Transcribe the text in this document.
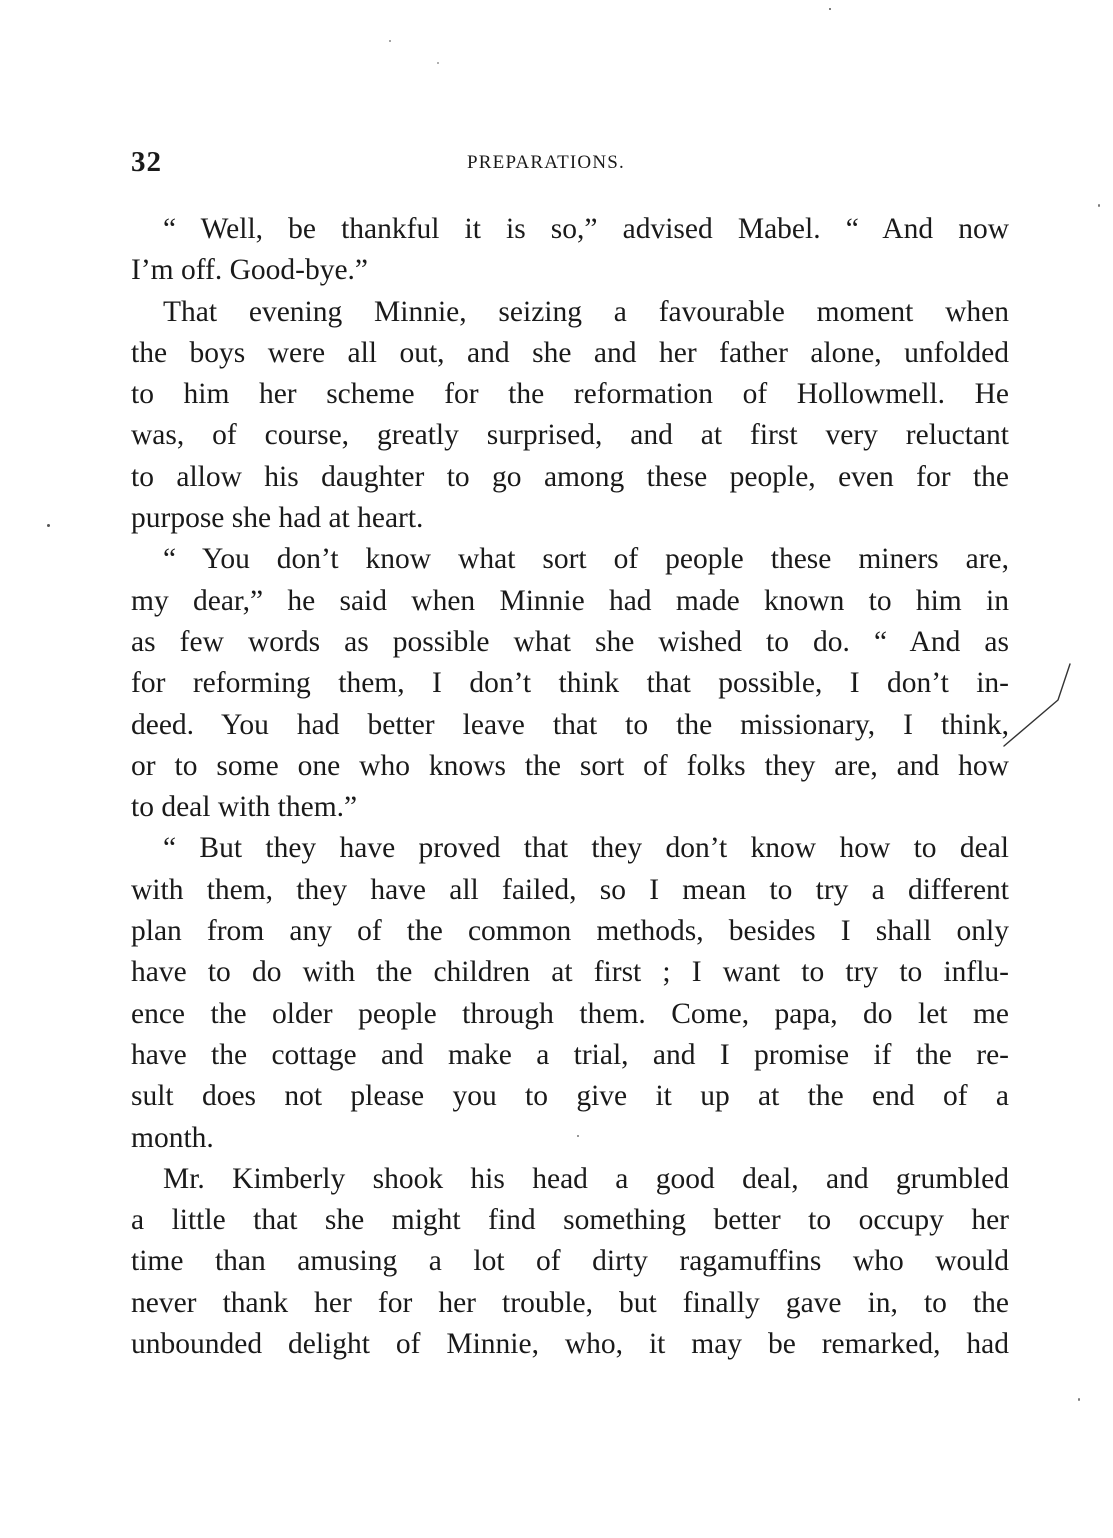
32	PREPARATIONS.
“ Well, be thankful it is so,” advised Mabel. “ And now
I’m off. Good-bye.”
That evening Minnie, seizing a favourable moment when
the boys were all out, and she and her father alone, unfolded
to him her scheme for the reformation of Hollowmell. He
was, of course, greatly surprised, and at first very reluctant
to allow his daughter to go among these people, even for the
purpose she had at heart.
“ You don’t know what sort of people these miners are,
my dear,” he said when Minnie had made known to him in
as few words as possible what she wished to do. “ And as
for reforming them, I don’t think that possible, I don’t in-
deed. You had better leave that to the missionary, I think,
or to some one who knows the sort of folks they are, and how
to deal with them.”
“ But they have proved that they don’t know how to deal
with them, they have all failed, so I mean to try a different
plan from any of the common methods, besides I shall only
have to do with the children at first ; I want to try to influ-
ence the older people through them. Come, papa, do let me
have the cottage and make a trial, and I promise if the re-
sult does not please you to give it up at the end of a
month.
Mr. Kimberly shook his head a good deal, and grumbled
a little that she might find something better to occupy her
time than amusing a lot of dirty ragamuffins who would
never thank her for her trouble, but finally gave in, to the
unbounded delight of Minnie, who, it may be remarked, had
